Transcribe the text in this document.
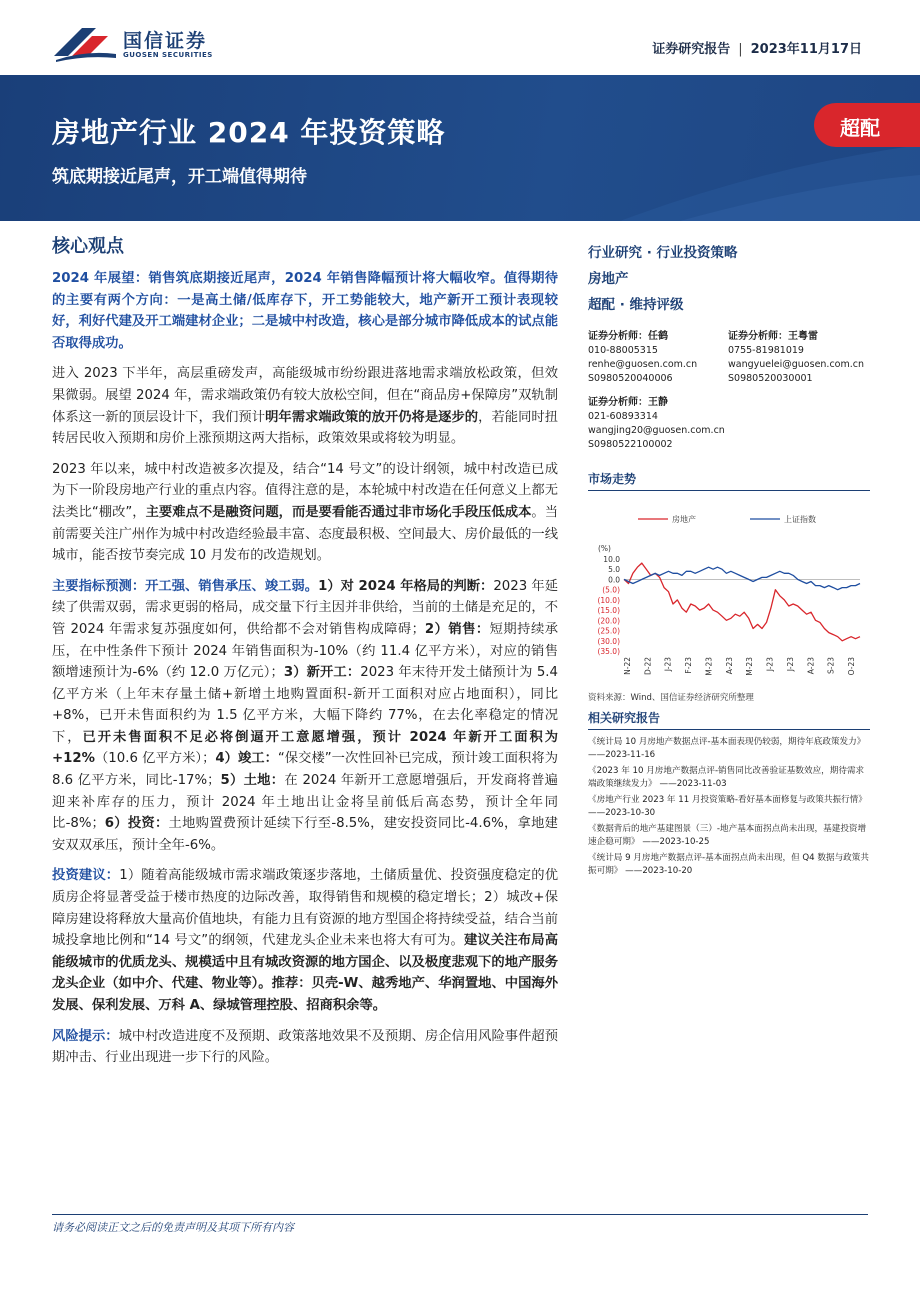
国信证券
GUOSEN SECURITIES	证券研究报告 | 2023年11月17日
房地产行业 2024 年投资策略
筑底期接近尾声，开工端值得期待
超配
核心观点

2024 年展望：销售筑底期接近尾声，2024 年销售降幅预计将大幅收窄。值得期待的主要有两个方向：一是高土储/低库存下，开工势能较大，地产新开工预计表现较好，利好代建及开工端建材企业；二是城中村改造，核心是部分城市降低成本的试点能否取得成功。

进入 2023 下半年，高层重磅发声，高能级城市纷纷跟进落地需求端放松政策，但效果微弱。展望 2024 年，需求端政策仍有较大放松空间，但在“商品房+保障房”双轨制体系这一新的顶层设计下，我们预计明年需求端政策的放开仍将是逐步的，若能同时扭转居民收入预期和房价上涨预期这两大指标，政策效果或将较为明显。

2023 年以来，城中村改造被多次提及，结合“14 号文”的设计纲领，城中村改造已成为下一阶段房地产行业的重点内容。值得注意的是，本轮城中村改造在任何意义上都无法类比“棚改”，主要难点不是融资问题，而是要看能否通过非市场化手段压低成本。当前需要关注广州作为城中村改造经验最丰富、态度最积极、空间最大、房价最低的一线城市，能否按节奏完成 10 月发布的改造规划。

主要指标预测：开工强、销售承压、竣工弱。1）对 2024 年格局的判断：2023 年延续了供需双弱，需求更弱的格局，成交量下行主因并非供给，当前的土储是充足的，不管 2024 年需求复苏强度如何，供给都不会对销售构成障碍；2）销售：短期持续承压，在中性条件下预计 2024 年销售面积为-10%（约 11.4 亿平方米），对应的销售额增速预计为-6%（约 12.0 万亿元）；3）新开工：2023 年末待开发土储预计为 5.4 亿平方米（上年末存量土储+新增土地购置面积-新开工面积对应占地面积），同比+8%，已开未售面积约为 1.5 亿平方米，大幅下降约 77%，在去化率稳定的情况下，已开未售面积不足必将倒逼开工意愿增强，预计 2024 年新开工面积为+12%（10.6 亿平方米）；4）竣工：“保交楼”一次性回补已完成，预计竣工面积将为 8.6 亿平方米，同比-17%；5）土地：在 2024 年新开工意愿增强后，开发商将普遍迎来补库存的压力，预计 2024 年土地出让金将呈前低后高态势，预计全年同比-8%；6）投资：土地购置费预计延续下行至-8.5%，建安投资同比-4.6%，拿地建安双双承压，预计全年-6%。

投资建议：1）随着高能级城市需求端政策逐步落地，土储质量优、投资强度稳定的优质房企将显著受益于楼市热度的边际改善，取得销售和规模的稳定增长；2）城改+保障房建设将释放大量高价值地块，有能力且有资源的地方型国企将持续受益，结合当前城投拿地比例和“14 号文”的纲领，代建龙头企业未来也将大有可为。建议关注布局高能级城市的优质龙头、规模适中且有城改资源的地方国企、以及极度悲观下的地产服务龙头企业（如中介、代建、物业等）。推荐：贝壳-W、越秀地产、华润置地、中国海外发展、保利发展、万科 A、绿城管理控股、招商积余等。

风险提示：城中村改造进度不及预期、政策落地效果不及预期、房企信用风险事件超预期冲击、行业出现进一步下行的风险。

行业研究 · 行业投资策略
房地产
超配 · 维持评级
证券分析师：任鹤
010-88005315
renhe@guosen.com.cn
S0980520040006
证券分析师：王粤雷
0755-81981019
wangyuelei@guosen.com.cn
S0980520030001
证券分析师：王静
021-60893314
wangjing20@guosen.com.cn
S0980522100002
市场走势
房地产	上证指数
(%)
10.0
5.0
0.0
(5.0)
(10.0)
(15.0)
(20.0)
(25.0)
(30.0)
(35.0)
N-22 D-22 J-23 F-23 M-23 A-23 M-23 J-23 J-23 A-23 S-23 O-23
资料来源：Wind、国信证券经济研究所整理
相关研究报告
《统计局 10 月房地产数据点评-基本面表现仍较弱，期待年底政策发力》 ——2023-11-16
《2023 年 10 月房地产数据点评-销售同比改善验证基数效应，期待需求端政策继续发力》 ——2023-11-03
《房地产行业 2023 年 11 月投资策略-看好基本面修复与政策共振行情》 ——2023-10-30
《数据背后的地产基建图景（三）-地产基本面拐点尚未出现，基建投资增速企稳可期》 ——2023-10-25
《统计局 9 月房地产数据点评-基本面拐点尚未出现，但 Q4 数据与政策共振可期》 ——2023-10-20
请务必阅读正文之后的免责声明及其项下所有内容
